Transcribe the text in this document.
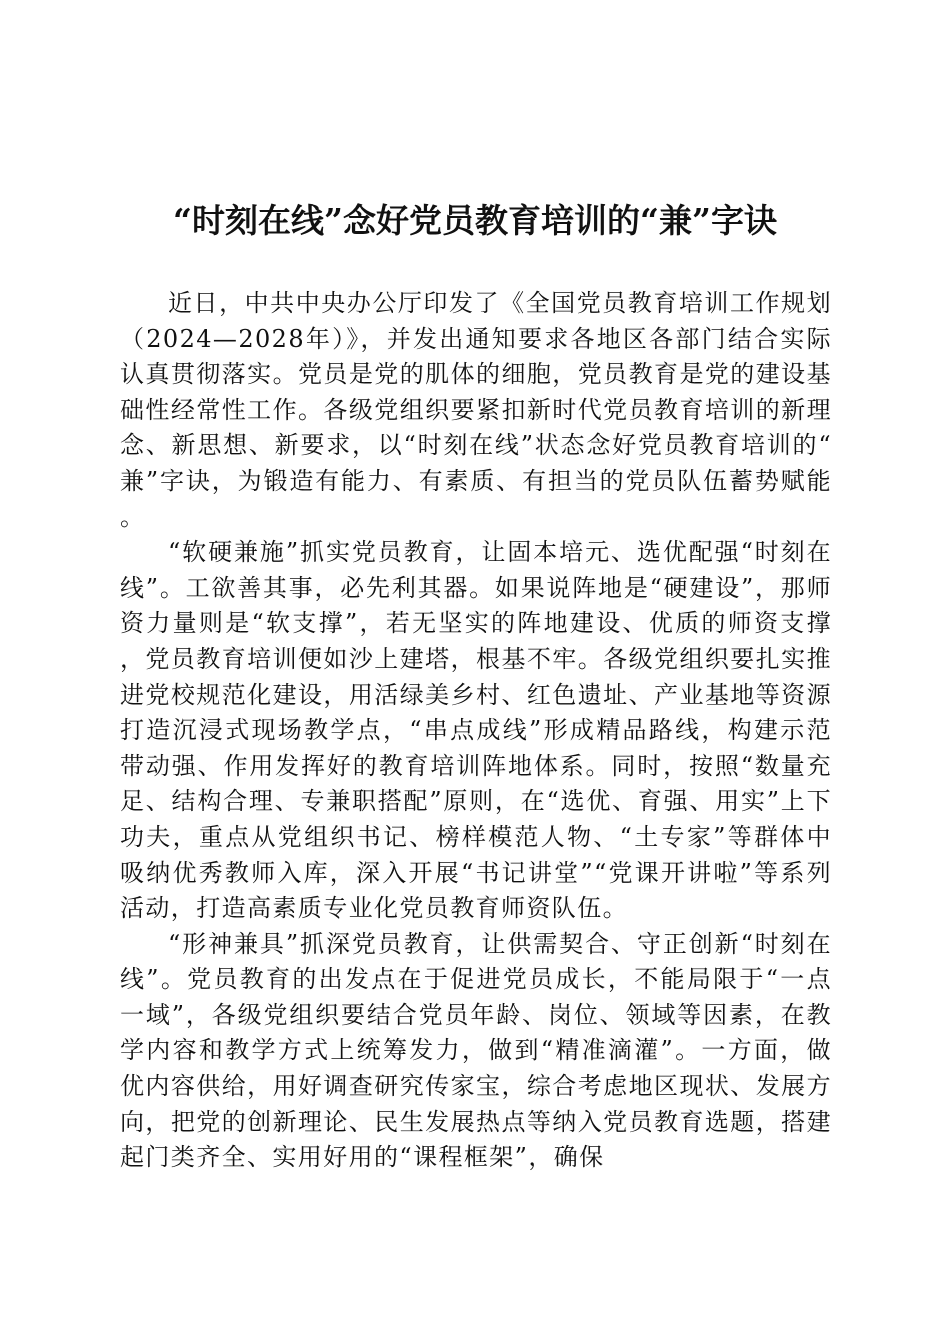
“时刻在线”念好党员教育培训的“兼”字诀

近日，中共中央办公厅印发了《全国党员教育培训工作规划（2024—2028年）》，并发出通知要求各地区各部门结合实际认真贯彻落实。党员是党的肌体的细胞，党员教育是党的建设基础性经常性工作。各级党组织要紧扣新时代党员教育培训的新理念、新思想、新要求，以“时刻在线”状态念好党员教育培训的“兼”字诀，为锻造有能力、有素质、有担当的党员队伍蓄势赋能。

“软硬兼施”抓实党员教育，让固本培元、选优配强“时刻在线”。工欲善其事，必先利其器。如果说阵地是“硬建设”，那师资力量则是“软支撑”，若无坚实的阵地建设、优质的师资支撑，党员教育培训便如沙上建塔，根基不牢。各级党组织要扎实推进党校规范化建设，用活绿美乡村、红色遗址、产业基地等资源打造沉浸式现场教学点，“串点成线”形成精品路线，构建示范带动强、作用发挥好的教育培训阵地体系。同时，按照“数量充足、结构合理、专兼职搭配”原则，在“选优、育强、用实”上下功夫，重点从党组织书记、榜样模范人物、“土专家”等群体中吸纳优秀教师入库，深入开展“书记讲堂”“党课开讲啦”等系列活动，打造高素质专业化党员教育师资队伍。

“形神兼具”抓深党员教育，让供需契合、守正创新“时刻在线”。党员教育的出发点在于促进党员成长，不能局限于“一点一域”，各级党组织要结合党员年龄、岗位、领域等因素，在教学内容和教学方式上统筹发力，做到“精准滴灌”。一方面，做优内容供给，用好调查研究传家宝，综合考虑地区现状、发展方向，把党的创新理论、民生发展热点等纳入党员教育选题，搭建起门类齐全、实用好用的“课程框架”，确保
